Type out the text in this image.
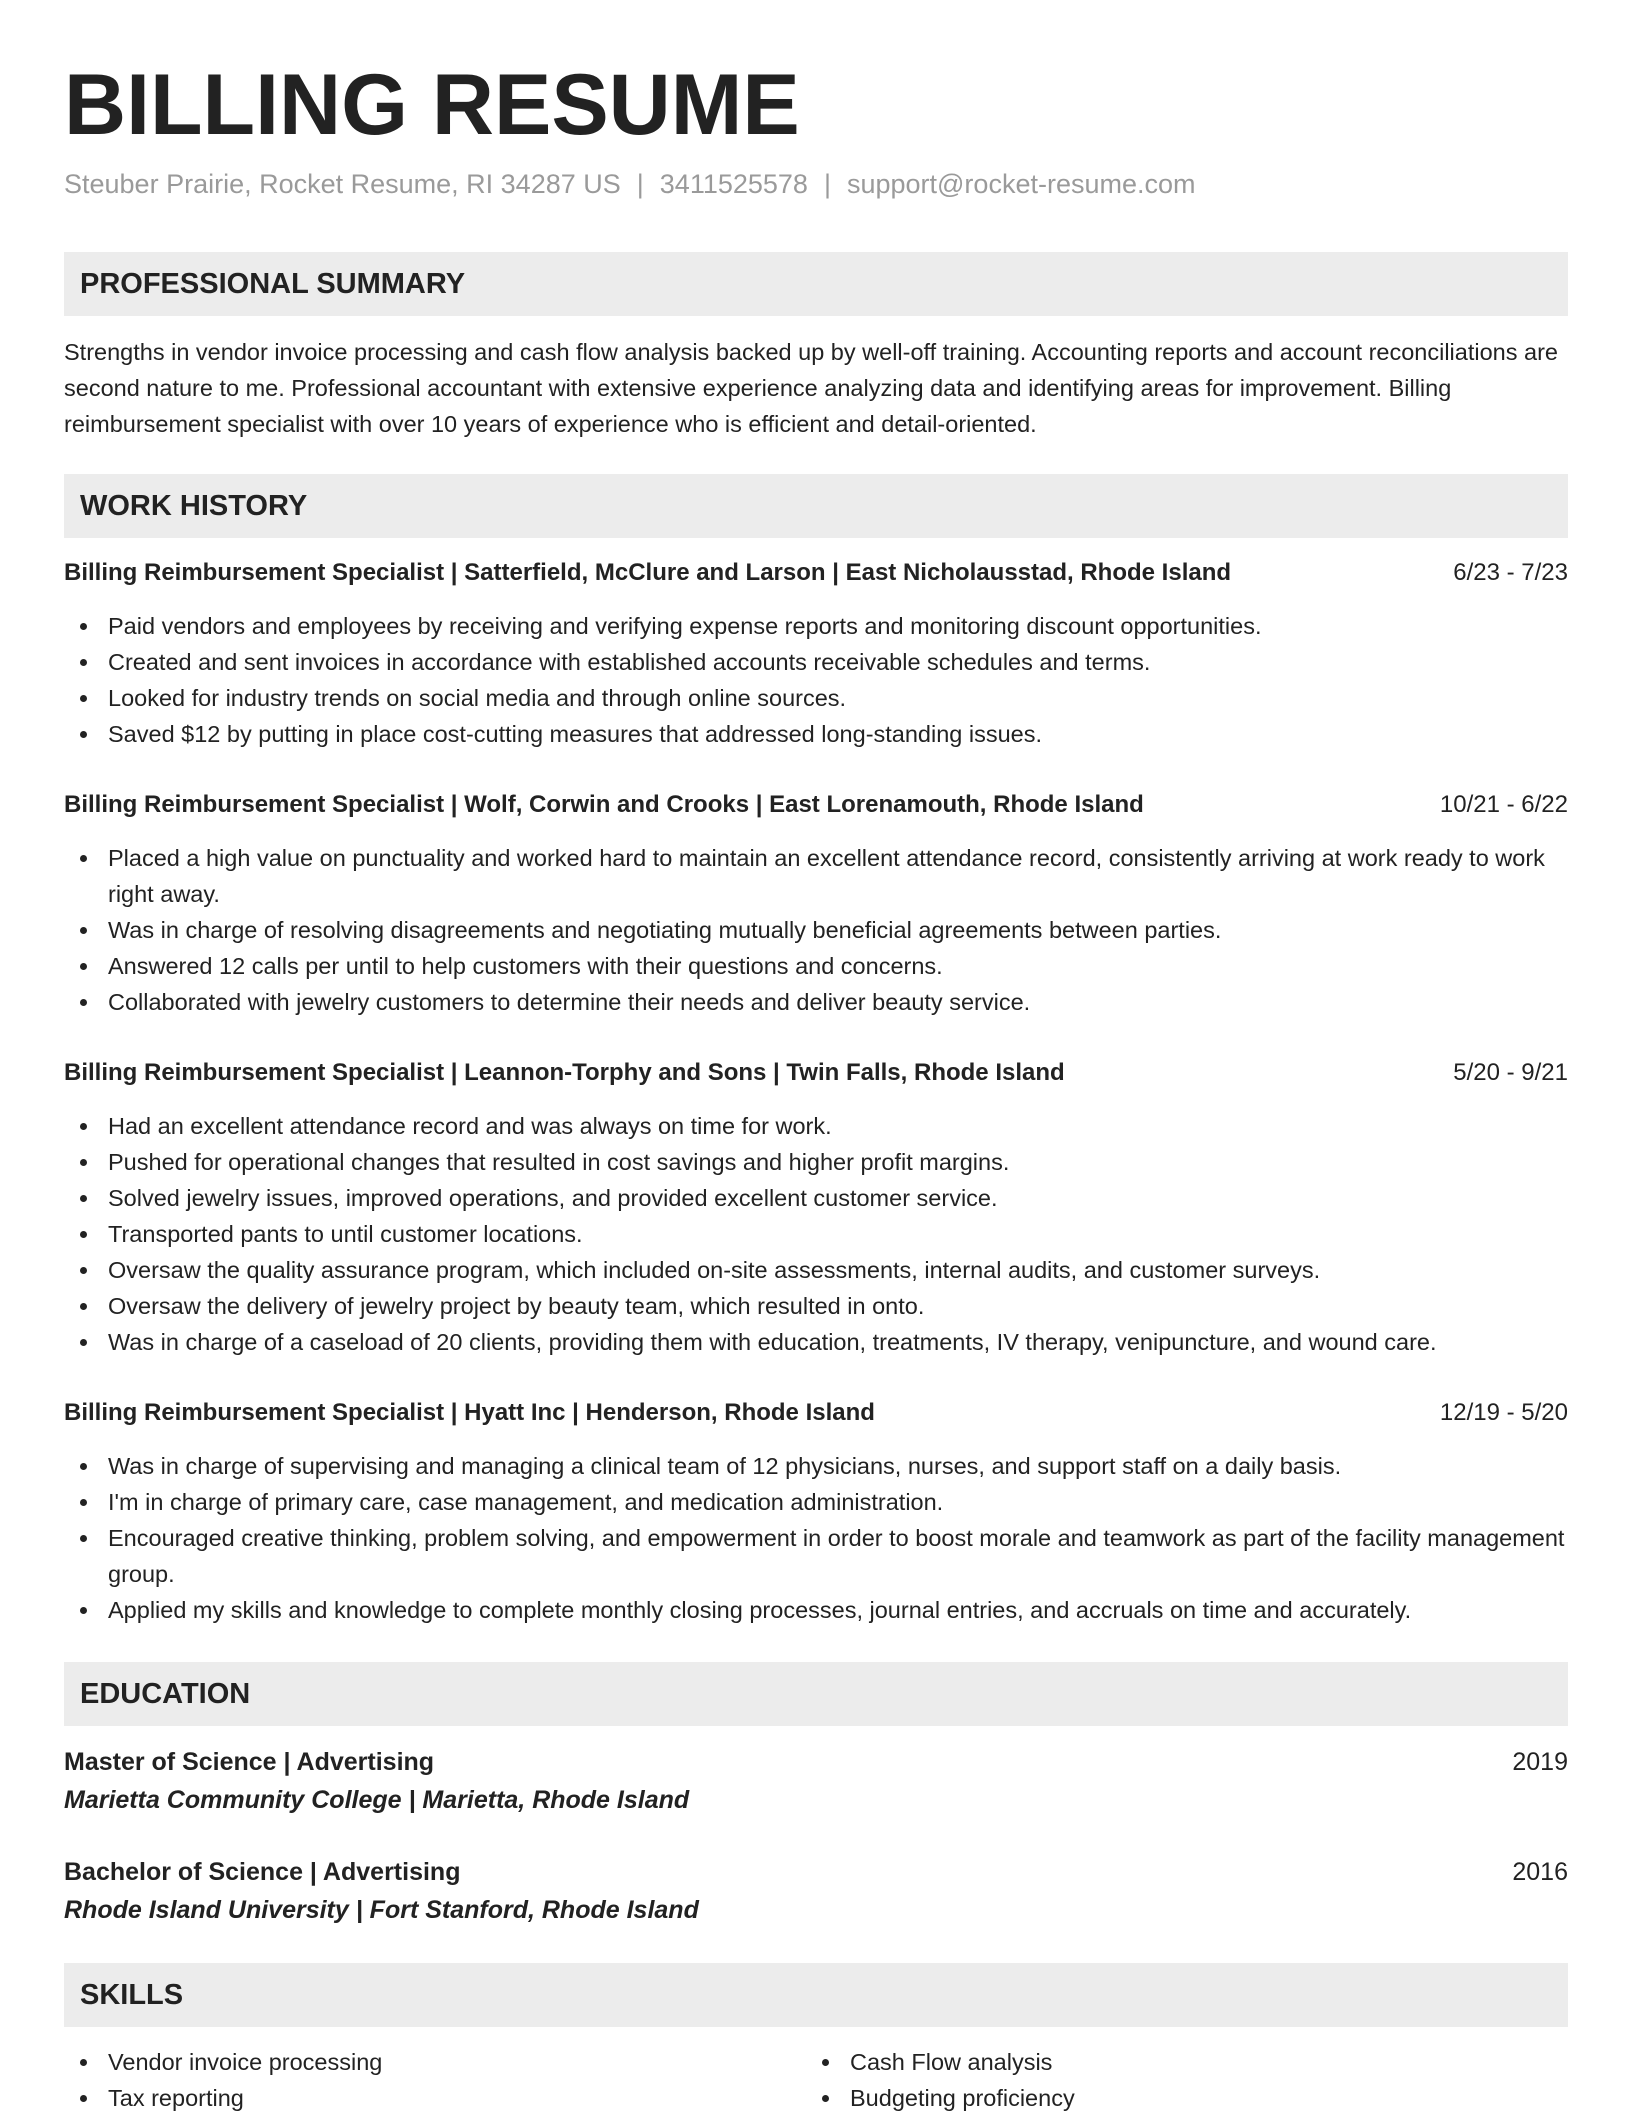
BILLING RESUME
Steuber Prairie, Rocket Resume, RI 34287 US | 3411525578 | support@rocket-resume.com
PROFESSIONAL SUMMARY

Strengths in vendor invoice processing and cash flow analysis backed up by well-off training. Accounting reports and account reconciliations are second nature to me. Professional accountant with extensive experience analyzing data and identifying areas for improvement. Billing reimbursement specialist with over 10 years of experience who is efficient and detail-oriented.

WORK HISTORY
Billing Reimbursement Specialist | Satterfield, McClure and Larson | East Nicholausstad, Rhode Island	6/23 - 7/23
Paid vendors and employees by receiving and verifying expense reports and monitoring discount opportunities.
Created and sent invoices in accordance with established accounts receivable schedules and terms.
Looked for industry trends on social media and through online sources.
Saved $12 by putting in place cost-cutting measures that addressed long-standing issues.
Billing Reimbursement Specialist | Wolf, Corwin and Crooks | East Lorenamouth, Rhode Island	10/21 - 6/22
Placed a high value on punctuality and worked hard to maintain an excellent attendance record, consistently arriving at work ready to work right away.
Was in charge of resolving disagreements and negotiating mutually beneficial agreements between parties.
Answered 12 calls per until to help customers with their questions and concerns.
Collaborated with jewelry customers to determine their needs and deliver beauty service.
Billing Reimbursement Specialist | Leannon-Torphy and Sons | Twin Falls, Rhode Island	5/20 - 9/21
Had an excellent attendance record and was always on time for work.
Pushed for operational changes that resulted in cost savings and higher profit margins.
Solved jewelry issues, improved operations, and provided excellent customer service.
Transported pants to until customer locations.
Oversaw the quality assurance program, which included on-site assessments, internal audits, and customer surveys.
Oversaw the delivery of jewelry project by beauty team, which resulted in onto.
Was in charge of a caseload of 20 clients, providing them with education, treatments, IV therapy, venipuncture, and wound care.
Billing Reimbursement Specialist | Hyatt Inc | Henderson, Rhode Island	12/19 - 5/20
Was in charge of supervising and managing a clinical team of 12 physicians, nurses, and support staff on a daily basis.
I'm in charge of primary care, case management, and medication administration.
Encouraged creative thinking, problem solving, and empowerment in order to boost morale and teamwork as part of the facility management group.
Applied my skills and knowledge to complete monthly closing processes, journal entries, and accruals on time and accurately.
EDUCATION
Master of Science | Advertising	2019
Marietta Community College | Marietta, Rhode Island
Bachelor of Science | Advertising	2016
Rhode Island University | Fort Stanford, Rhode Island
SKILLS
Vendor invoice processing
Tax reporting
Cash Flow analysis
Budgeting proficiency
